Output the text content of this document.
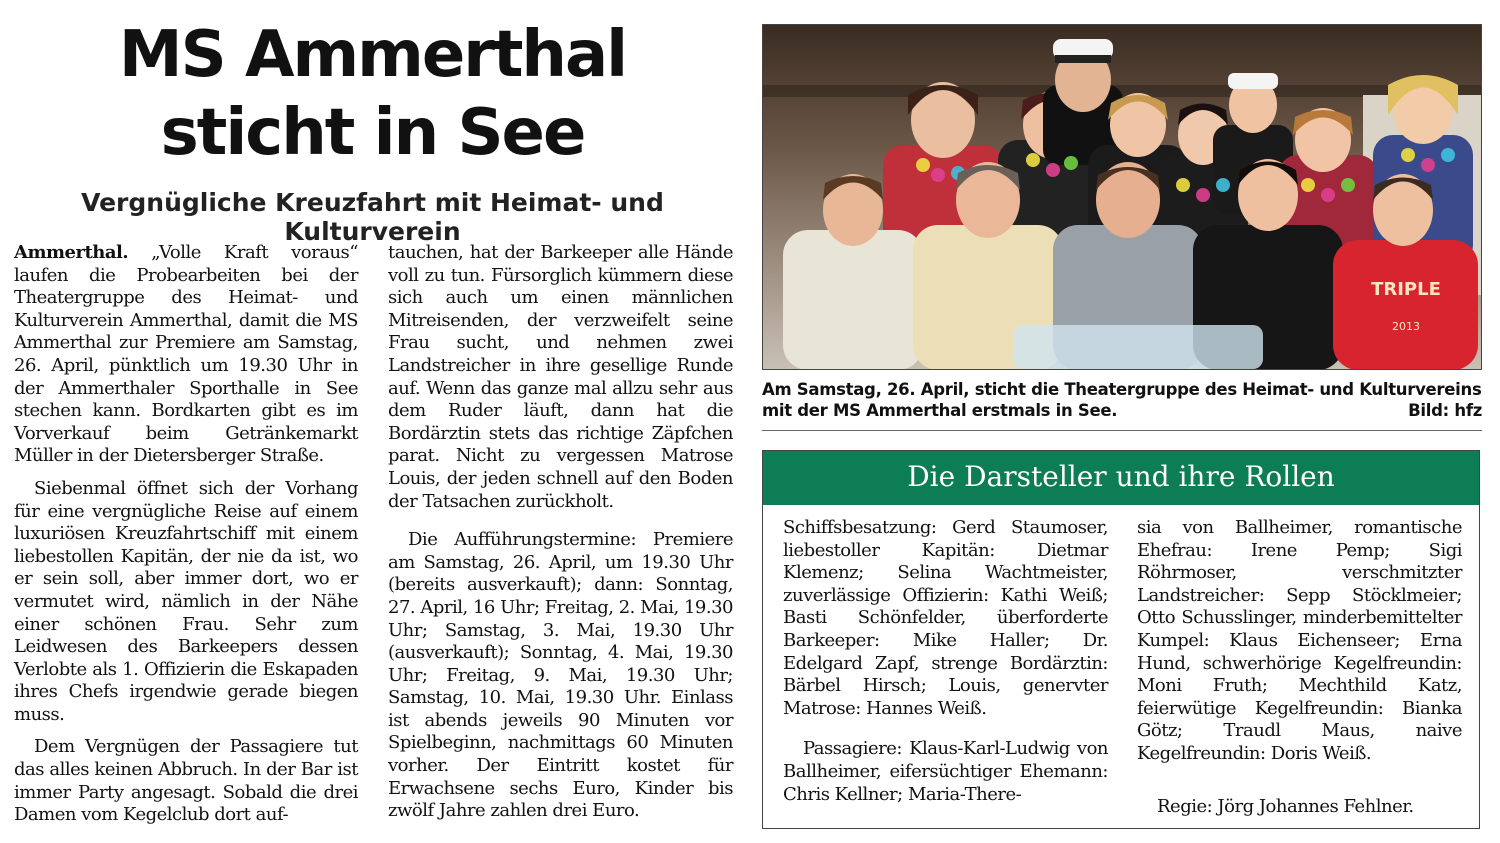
MS Ammerthal
sticht in See
Vergnügliche Kreuzfahrt mit Heimat- und Kulturverein

Ammerthal. „Volle Kraft voraus“ laufen die Probearbeiten bei der Theatergruppe des Heimat- und Kulturverein Ammerthal, damit die MS Ammerthal zur Premiere am Samstag, 26. April, pünktlich um 19.30 Uhr in der Ammerthaler Sporthalle in See stechen kann. Bordkarten gibt es im Vorverkauf beim Getränkemarkt Müller in der Dietersberger Straße.

Siebenmal öffnet sich der Vorhang für eine vergnügliche Reise auf einem luxuriösen Kreuzfahrtschiff mit einem liebestollen Kapitän, der nie da ist, wo er sein soll, aber immer dort, wo er vermutet wird, nämlich in der Nähe einer schönen Frau. Sehr zum Leidwesen des Barkeepers dessen Verlobte als 1. Offizierin die Eskapaden ihres Chefs irgendwie gerade biegen muss.

Dem Vergnügen der Passagiere tut das alles keinen Abbruch. In der Bar ist immer Party angesagt. Sobald die drei Damen vom Kegelclub dort auf-

tauchen, hat der Barkeeper alle Hände voll zu tun. Fürsorglich kümmern diese sich auch um einen männlichen Mitreisenden, der verzweifelt seine Frau sucht, und nehmen zwei Landstreicher in ihre gesellige Runde auf. Wenn das ganze mal allzu sehr aus dem Ruder läuft, dann hat die Bordärztin stets das richtige Zäpfchen parat. Nicht zu vergessen Matrose Louis, der jeden schnell auf den Boden der Tatsachen zurückholt.

Die Aufführungstermine: Premiere am Samstag, 26. April, um 19.30 Uhr (bereits ausverkauft); dann: Sonntag, 27. April, 16 Uhr; Freitag, 2. Mai, 19.30 Uhr; Samstag, 3. Mai, 19.30 Uhr (ausverkauft); Sonntag, 4. Mai, 19.30 Uhr; Freitag, 9. Mai, 19.30 Uhr; Samstag, 10. Mai, 19.30 Uhr. Einlass ist abends jeweils 90 Minuten vor Spielbeginn, nachmittags 60 Minuten vorher. Der Eintritt kostet für Erwachsene sechs Euro, Kinder bis zwölf Jahre zahlen drei Euro.

TRIPLE
2013
Am Samstag, 26. April, sticht die Theatergruppe des Heimat- und Kulturvereins mit der MS Ammerthal erstmals in See.	Bild: hfz
Die Darsteller und ihre Rollen

Schiffsbesatzung: Gerd Staumoser, liebestoller Kapitän: Dietmar Klemenz; Selina Wachtmeister, zuverlässige Offizierin: Kathi Weiß; Basti Schönfelder, überforderte Barkeeper: Mike Haller; Dr. Edelgard Zapf, strenge Bordärztin: Bärbel Hirsch; Louis, genervter Matrose: Hannes Weiß.

Passagiere: Klaus-Karl-Ludwig von Ballheimer, eifersüchtiger Ehemann: Chris Kellner; Maria-There-

sia von Ballheimer, romantische Ehefrau: Irene Pemp; Sigi Röhrmoser, verschmitzter Landstreicher: Sepp Stöcklmeier; Otto Schusslinger, minderbemittelter Kumpel: Klaus Eichenseer; Erna Hund, schwerhörige Kegelfreundin: Moni Fruth; Mechthild Katz, feierwütige Kegelfreundin: Bianka Götz; Traudl Maus, naive Kegelfreundin: Doris Weiß.

Regie: Jörg Johannes Fehlner.
